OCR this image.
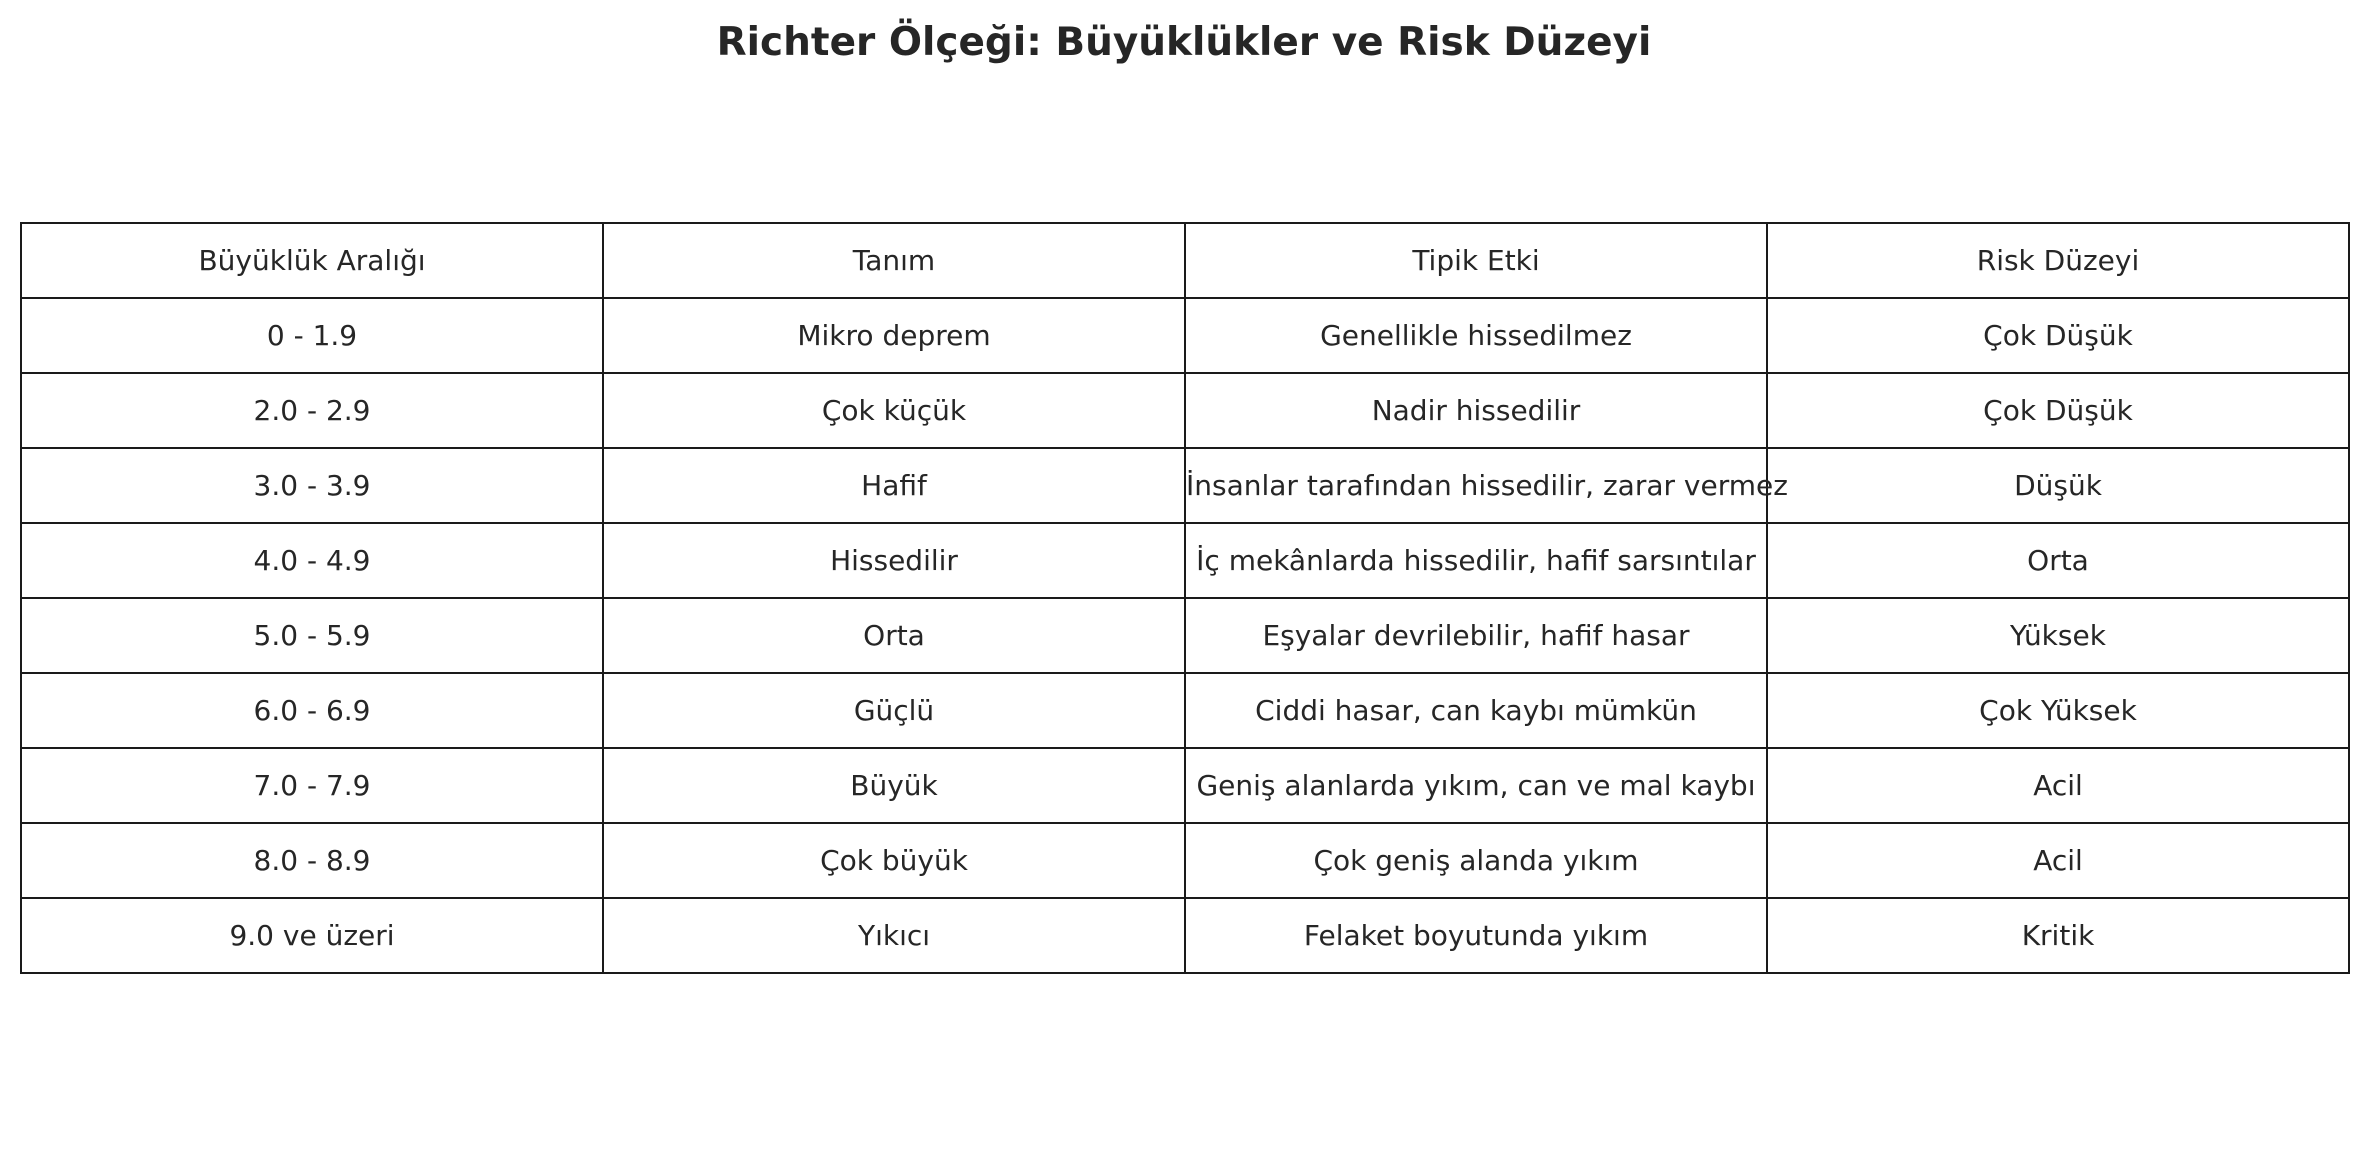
Richter Ölçeği: Büyüklükler ve Risk Düzeyi
Büyüklük Aralığı	Tanım	Tipik Etki	Risk Düzeyi
0 - 1.9	Mikro deprem	Genellikle hissedilmez	Çok Düşük
2.0 - 2.9	Çok küçük	Nadir hissedilir	Çok Düşük
3.0 - 3.9	Hafif	İnsanlar tarafından hissedilir, zarar vermez	Düşük
4.0 - 4.9	Hissedilir	İç mekânlarda hissedilir, hafif sarsıntılar	Orta
5.0 - 5.9	Orta	Eşyalar devrilebilir, hafif hasar	Yüksek
6.0 - 6.9	Güçlü	Ciddi hasar, can kaybı mümkün	Çok Yüksek
7.0 - 7.9	Büyük	Geniş alanlarda yıkım, can ve mal kaybı	Acil
8.0 - 8.9	Çok büyük	Çok geniş alanda yıkım	Acil
9.0 ve üzeri	Yıkıcı	Felaket boyutunda yıkım	Kritik
